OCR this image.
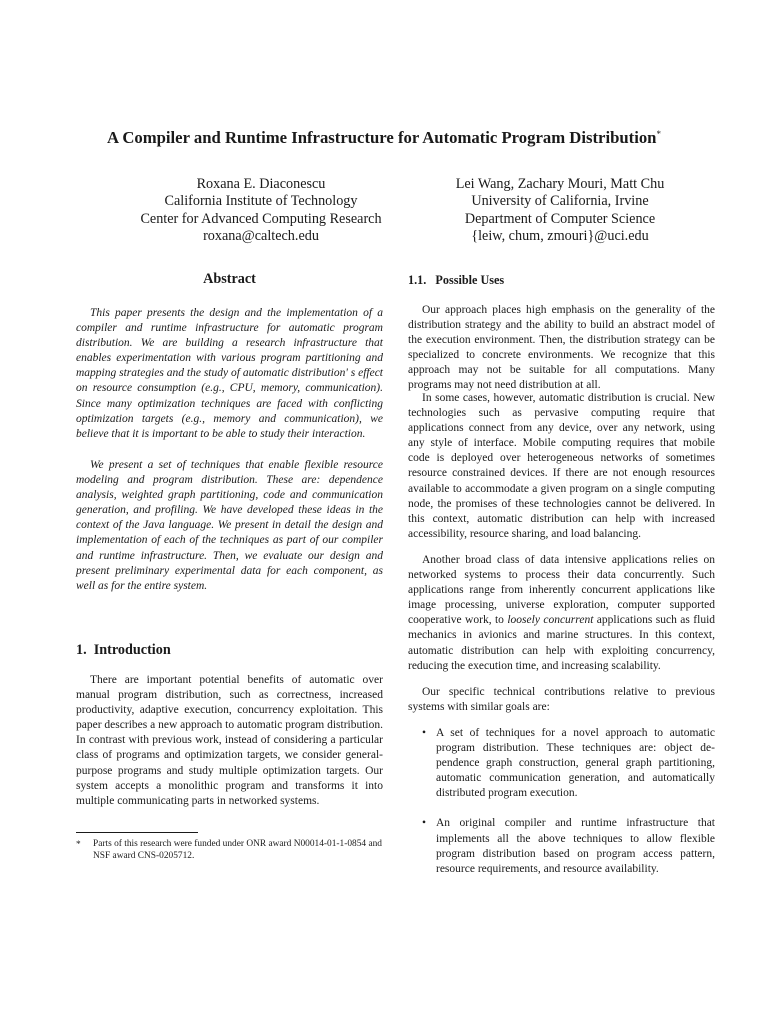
A Compiler and Runtime Infrastructure for Automatic Program Distribution*
Roxana E. Diaconescu
California Institute of Technology
Center for Advanced Computing Research
roxana@caltech.edu
Lei Wang, Zachary Mouri, Matt Chu
University of California, Irvine
Department of Computer Science
{leiw, chum, zmouri}@uci.edu
Abstract

This paper presents the design and the implementation of a compiler and runtime infrastructure for automatic program distribution. We are building a research infrastructure that enables experimentation with various program partitioning and mapping strategies and the study of automatic distribution' s effect on resource consumption (e.g., CPU, memory, communication). Since many optimization techniques are faced with conflicting optimization targets (e.g., memory and communication), we believe that it is important to be able to study their interaction.

We present a set of techniques that enable flexible resource modeling and program distribution. These are: dependence analysis, weighted graph partitioning, code and communication generation, and profiling. We have developed these ideas in the context of the Java language. We present in detail the design and implementation of each of the techniques as part of our compiler and runtime infrastructure. Then, we evaluate our design and present preliminary experimental data for each component, as well as for the entire system.

1. Introduction

There are important potential benefits of automatic over manual program distribution, such as correctness, increased productivity, adaptive execution, concurrency exploitation. This paper describes a new approach to automatic program distribution. In contrast with previous work, instead of considering a particular class of programs and optimization targets, we consider general-purpose programs and study multiple optimization targets. Our system accepts a monolithic program and transforms it into multiple communicating parts in networked systems.

*	Parts of this research were funded under ONR award N00014-01-1-0854 and NSF award CNS-0205712.
1.1.  Possible Uses

Our approach places high emphasis on the generality of the distribution strategy and the ability to build an abstract model of the execution environment. Then, the distribution strategy can be specialized to concrete environments. We recognize that this approach may not be suitable for all computations. Many programs may not need distribution at all.

In some cases, however, automatic distribution is crucial. New technologies such as pervasive computing require that applications connect from any device, over any network, using any style of interface. Mobile computing requires that mobile code is deployed over heterogeneous networks of sometimes resource constrained devices. If there are not enough resources available to accommodate a given program on a single computing node, the promises of these technologies cannot be delivered. In this context, automatic distribution can help with increased accessibility, resource sharing, and load balancing.

Another broad class of data intensive applications relies on networked systems to process their data concurrently. Such applications range from inherently concurrent applications like image processing, universe exploration, computer supported cooperative work, to loosely concurrent applications such as fluid mechanics in avionics and marine structures. In this context, automatic distribution can help with exploiting concurrency, reducing the execution time, and increasing scalability.

Our specific technical contributions relative to previous systems with similar goals are:

• A set of techniques for a novel approach to automatic program distribution. These techniques are: object dependence graph construction, general graph partitioning, automatic communication generation, and automatically distributed program execution.
• An original compiler and runtime infrastructure that implements all the above techniques to allow flexible program distribution based on program access pattern, resource requirements, and resource availability.
